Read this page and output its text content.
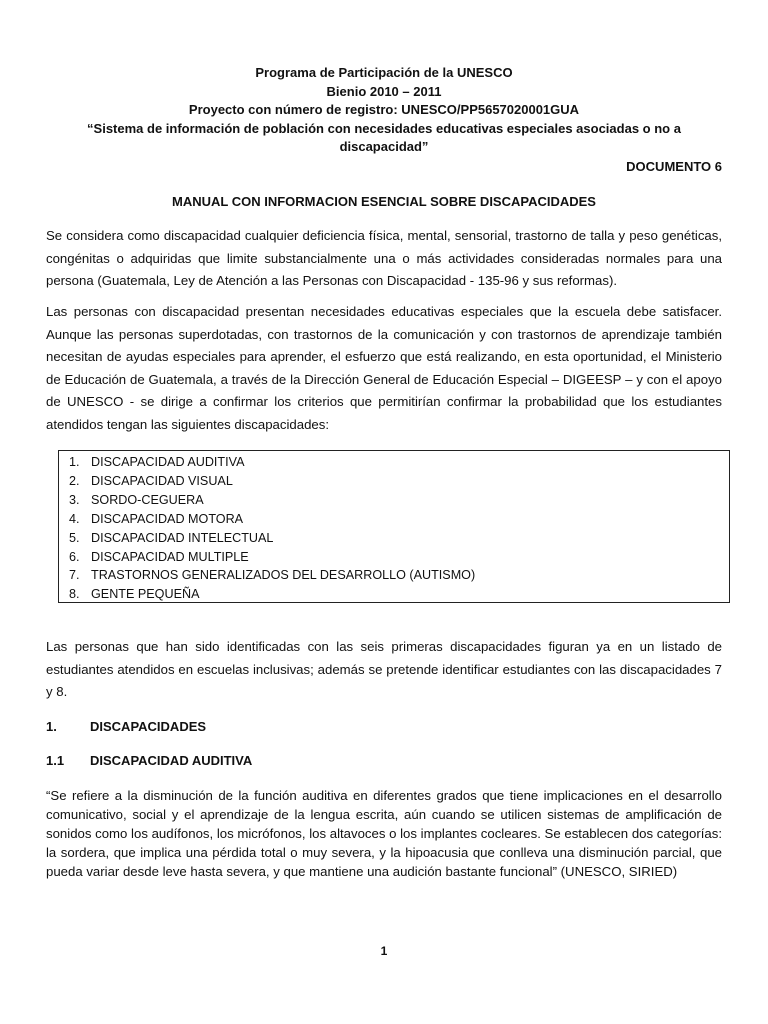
Programa de Participación de la UNESCO
Bienio 2010 – 2011
Proyecto con número de registro: UNESCO/PP5657020001GUA
“Sistema de información de población con necesidades educativas especiales asociadas o no a discapacidad”
DOCUMENTO 6
MANUAL CON INFORMACION ESENCIAL SOBRE DISCAPACIDADES

Se considera como discapacidad cualquier deficiencia física, mental, sensorial, trastorno de talla y peso genéticas, congénitas o adquiridas que limite substancialmente una o más actividades consideradas normales para una persona (Guatemala, Ley de Atención a las Personas con Discapacidad - 135-96 y sus reformas).

Las personas con discapacidad presentan necesidades educativas especiales que la escuela debe satisfacer. Aunque las personas superdotadas, con trastornos de la comunicación y con trastornos de aprendizaje también necesitan de ayudas especiales para aprender, el esfuerzo que está realizando, en esta oportunidad, el Ministerio de Educación de Guatemala, a través de la Dirección General de Educación Especial – DIGEESP – y con el apoyo de UNESCO - se dirige a confirmar los criterios que permitirían confirmar la probabilidad que los estudiantes atendidos tengan las siguientes discapacidades:

1. DISCAPACIDAD AUDITIVA
2. DISCAPACIDAD VISUAL
3. SORDO-CEGUERA
4. DISCAPACIDAD MOTORA
5. DISCAPACIDAD INTELECTUAL
6. DISCAPACIDAD MULTIPLE
7. TRASTORNOS GENERALIZADOS DEL DESARROLLO (AUTISMO)
8. GENTE PEQUEÑA

Las personas que han sido identificadas con las seis primeras discapacidades figuran ya en un listado de estudiantes atendidos en escuelas inclusivas; además se pretende identificar estudiantes con las discapacidades 7 y 8.

1.	DISCAPACIDADES
1.1	DISCAPACIDAD AUDITIVA

“Se refiere a la disminución de la función auditiva en diferentes grados que tiene implicaciones en el desarrollo comunicativo, social y el aprendizaje de la lengua escrita, aún cuando se utilicen sistemas de amplificación de sonidos como los audífonos, los micrófonos, los altavoces o los implantes cocleares. Se establecen dos categorías: la sordera, que implica una pérdida total o muy severa, y la hipoacusia que conlleva una disminución parcial, que pueda variar desde leve hasta severa, y que mantiene una audición bastante funcional” (UNESCO, SIRIED)

1
